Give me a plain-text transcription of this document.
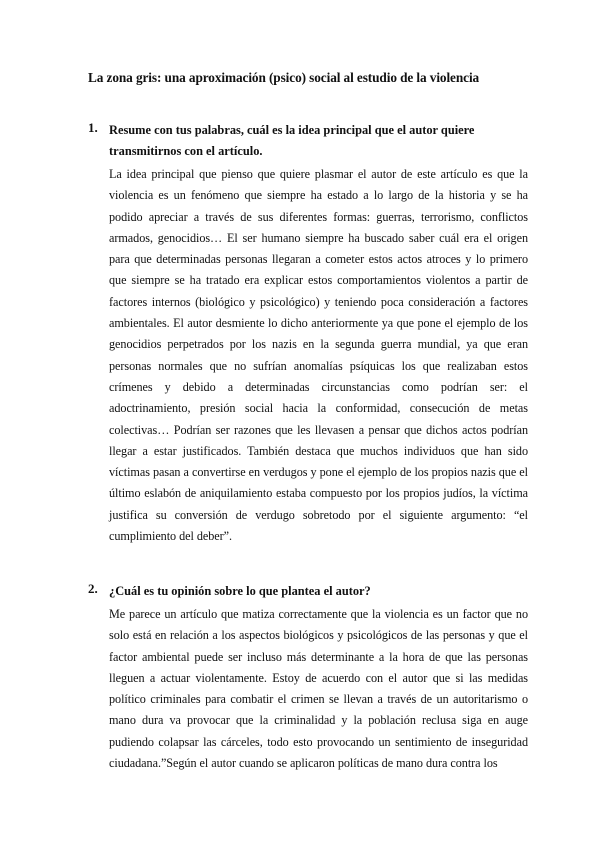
La zona gris: una aproximación (psico) social al estudio de la violencia
1. Resume con tus palabras, cuál es la idea principal que el autor quiere transmitirnos con el artículo.
La idea principal que pienso que quiere plasmar el autor de este artículo es que la violencia es un fenómeno que siempre ha estado a lo largo de la historia y se ha podido apreciar a través de sus diferentes formas: guerras, terrorismo, conflictos armados, genocidios… El ser humano siempre ha buscado saber cuál era el origen para que determinadas personas llegaran a cometer estos actos atroces y lo primero que siempre se ha tratado era explicar estos comportamientos violentos a partir de factores internos (biológico y psicológico) y teniendo poca consideración a factores ambientales. El autor desmiente lo dicho anteriormente ya que pone el ejemplo de los genocidios perpetrados por los nazis en la segunda guerra mundial, ya que eran personas normales que no sufrían anomalías psíquicas los que realizaban estos crímenes y debido a determinadas circunstancias como podrían ser: el adoctrinamiento, presión social hacia la conformidad, consecución de metas colectivas… Podrían ser razones que les llevasen a pensar que dichos actos podrían llegar a estar justificados. También destaca que muchos individuos que han sido víctimas pasan a convertirse en verdugos y pone el ejemplo de los propios nazis que el último eslabón de aniquilamiento estaba compuesto por los propios judíos, la víctima justifica su conversión de verdugo sobretodo por el siguiente argumento: “el cumplimiento del deber”.
2. ¿Cuál es tu opinión sobre lo que plantea el autor?
Me parece un artículo que matiza correctamente que la violencia es un factor que no solo está en relación a los aspectos biológicos y psicológicos de las personas y que el factor ambiental puede ser incluso más determinante a la hora de que las personas lleguen a actuar violentamente. Estoy de acuerdo con el autor que si las medidas político criminales para combatir el crimen se llevan a través de un autoritarismo o mano dura va provocar que la criminalidad y la población reclusa siga en auge pudiendo colapsar las cárceles, todo esto provocando un sentimiento de inseguridad ciudadana.”Según el autor cuando se aplicaron políticas de mano dura contra los
